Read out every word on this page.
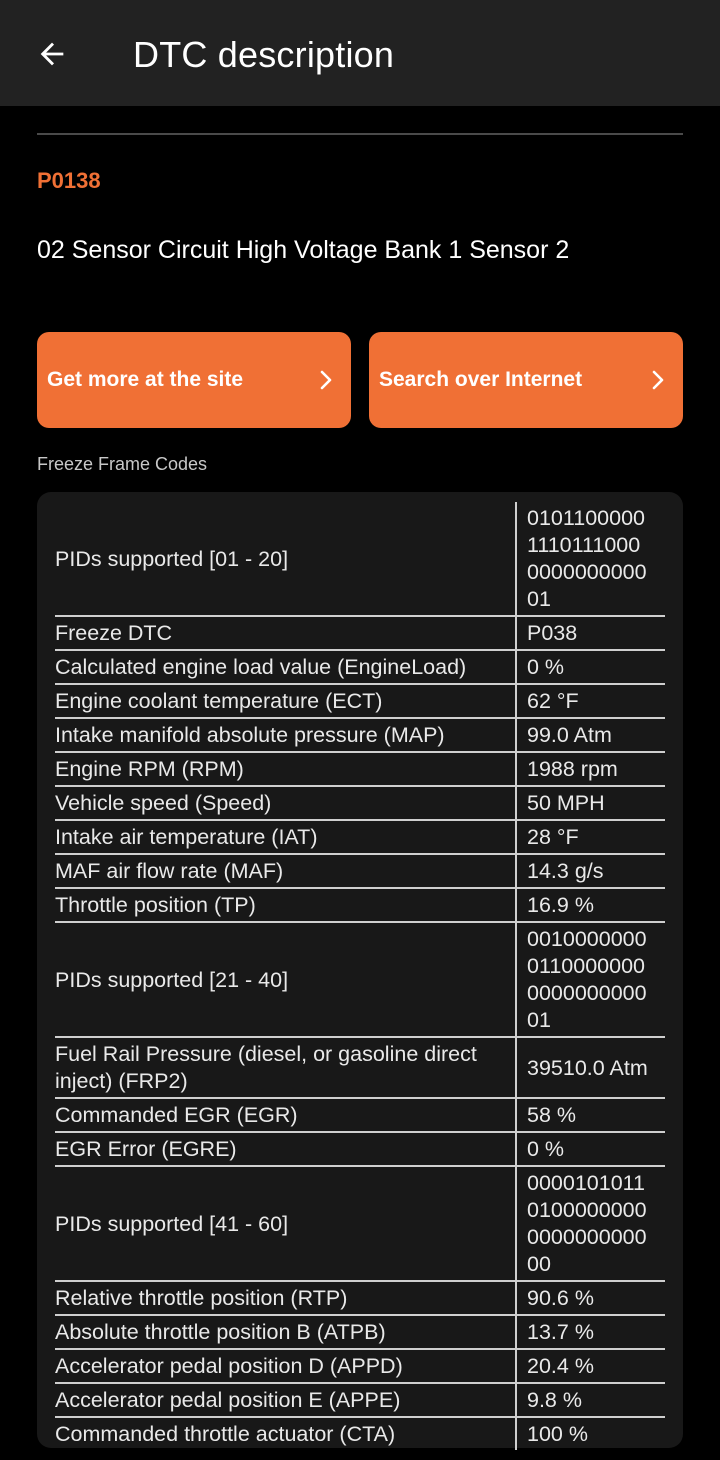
DTC description
P0138
02 Sensor Circuit High Voltage Bank 1 Sensor 2
Get more at the site	Search over Internet
Freeze Frame Codes
PIDs supported [01 - 20]	0101100000
1110111000
0000000000
01
Freeze DTC	P038
Calculated engine load value (EngineLoad)	0 %
Engine coolant temperature (ECT)	62 °F
Intake manifold absolute pressure (MAP)	99.0 Atm
Engine RPM (RPM)	1988 rpm
Vehicle speed (Speed)	50 MPH
Intake air temperature (IAT)	28 °F
MAF air flow rate (MAF)	14.3 g/s
Throttle position (TP)	16.9 %
PIDs supported [21 - 40]	0010000000
0110000000
0000000000
01
Fuel Rail Pressure (diesel, or gasoline direct inject) (FRP2)	39510.0 Atm
Commanded EGR (EGR)	58 %
EGR Error (EGRE)	0 %
PIDs supported [41 - 60]	0000101011
0100000000
0000000000
00
Relative throttle position (RTP)	90.6 %
Absolute throttle position B (ATPB)	13.7 %
Accelerator pedal position D (APPD)	20.4 %
Accelerator pedal position E (APPE)	9.8 %
Commanded throttle actuator (CTA)	100 %
